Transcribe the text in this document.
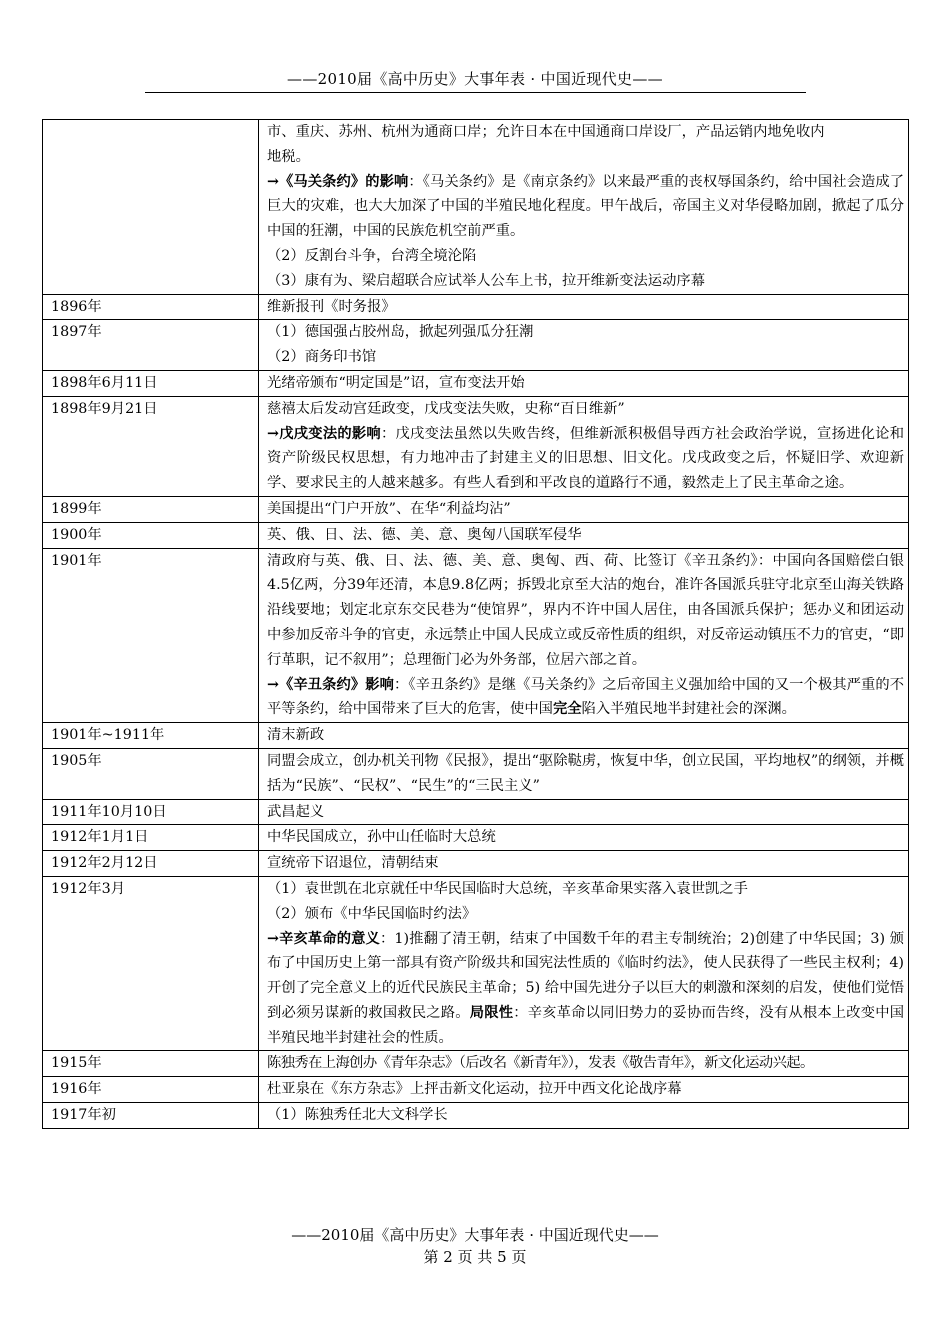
——2010届《高中历史》大事年表 · 中国近现代史——

	市、重庆、苏州、杭州为通商口岸；允许日本在中国通商口岸设厂，产品运销内地免收内
地税。
→《马关条约》的影响：《马关条约》是《南京条约》以来最严重的丧权辱国条约，给中国社会造成了巨大的灾难，也大大加深了中国的半殖民地化程度。甲午战后，帝国主义对华侵略加剧，掀起了瓜分中国的狂潮，中国的民族危机空前严重。
（2）反割台斗争，台湾全境沦陷
（3）康有为、梁启超联合应试举人公车上书，拉开维新变法运动序幕

1896年	维新报刊《时务报》

1897年	（1）德国强占胶州岛，掀起列强瓜分狂潮
（2）商务印书馆

1898年6月11日	光绪帝颁布“明定国是”诏，宣布变法开始

1898年9月21日	慈禧太后发动宫廷政变，戊戌变法失败，史称“百日维新”
→戊戌变法的影响：戊戌变法虽然以失败告终，但维新派积极倡导西方社会政治学说，宣扬进化论和资产阶级民权思想，有力地冲击了封建主义的旧思想、旧文化。戊戌政变之后，怀疑旧学、欢迎新学、要求民主的人越来越多。有些人看到和平改良的道路行不通，毅然走上了民主革命之途。

1899年	美国提出“门户开放”、在华“利益均沾”

1900年	英、俄、日、法、德、美、意、奥匈八国联军侵华

1901年	清政府与英、俄、日、法、德、美、意、奥匈、西、荷、比签订《辛丑条约》：中国向各国赔偿白银4.5亿两，分39年还清，本息9.8亿两；拆毁北京至大沽的炮台，准许各国派兵驻守北京至山海关铁路沿线要地；划定北京东交民巷为“使馆界”，界内不许中国人居住，由各国派兵保护；惩办义和团运动中参加反帝斗争的官吏，永远禁止中国人民成立或反帝性质的组织，对反帝运动镇压不力的官吏，“即行革职，记不叙用”；总理衙门必为外务部，位居六部之首。
→《辛丑条约》影响：《辛丑条约》是继《马关条约》之后帝国主义强加给中国的又一个极其严重的不平等条约，给中国带来了巨大的危害，使中国完全陷入半殖民地半封建社会的深渊。

1901年~1911年	清末新政

1905年	同盟会成立，创办机关刊物《民报》，提出“驱除鞑虏，恢复中华，创立民国，平均地权”的纲领，并概括为“民族”、“民权”、“民生”的“三民主义”

1911年10月10日	武昌起义

1912年1月1日	中华民国成立，孙中山任临时大总统

1912年2月12日	宣统帝下诏退位，清朝结束

1912年3月	（1）袁世凯在北京就任中华民国临时大总统，辛亥革命果实落入袁世凯之手
（2）颁布《中华民国临时约法》
→辛亥革命的意义：1)推翻了清王朝，结束了中国数千年的君主专制统治；2)创建了中华民国；3) 颁布了中国历史上第一部具有资产阶级共和国宪法性质的《临时约法》，使人民获得了一些民主权利；4)开创了完全意义上的近代民族民主革命；5) 给中国先进分子以巨大的刺激和深刻的启发，使他们觉悟到必须另谋新的救国救民之路。局限性：辛亥革命以同旧势力的妥协而告终，没有从根本上改变中国半殖民地半封建社会的性质。

1915年	陈独秀在上海创办《青年杂志》（后改名《新青年》），发表《敬告青年》，新文化运动兴起。

1916年	杜亚泉在《东方杂志》上抨击新文化运动，拉开中西文化论战序幕

1917年初	（1）陈独秀任北大文科学长
——2010届《高中历史》大事年表 · 中国近现代史——
第 2 页 共 5 页
